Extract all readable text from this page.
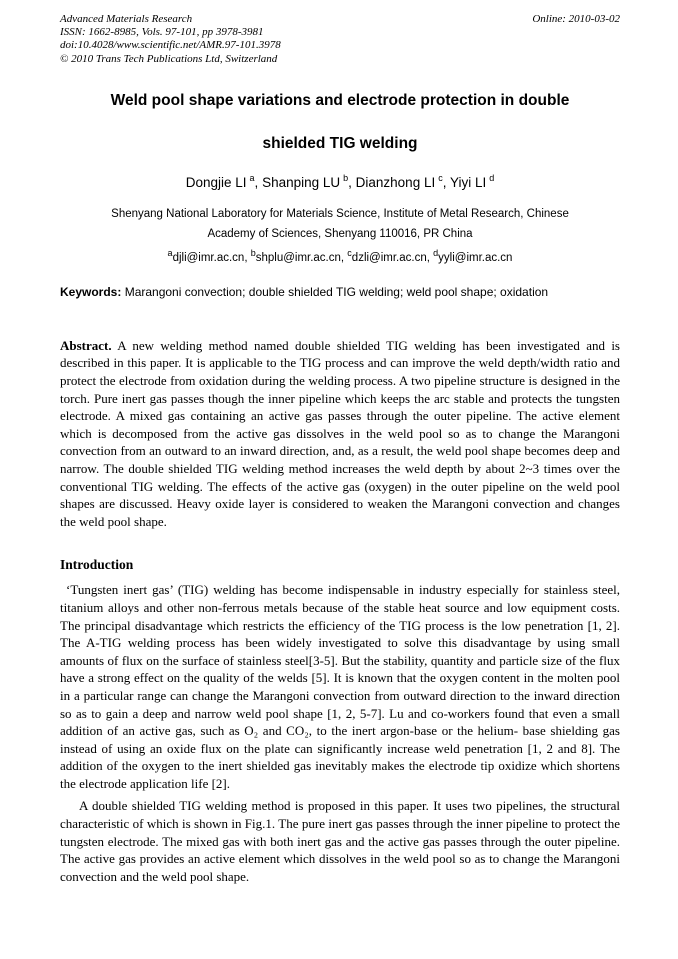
Advanced Materials Research
ISSN: 1662-8985, Vols. 97-101, pp 3978-3981
doi:10.4028/www.scientific.net/AMR.97-101.3978
© 2010 Trans Tech Publications Ltd, Switzerland
Online: 2010-03-02
Weld pool shape variations and electrode protection in double
shielded TIG welding
Dongjie LI $^a$, Shanping LU $^b$, Dianzhong LI $^c$, Yiyi LI $^d$
Shenyang National Laboratory for Materials Science, Institute of Metal Research, Chinese
Academy of Sciences, Shenyang 110016, PR China
$^a$djli@imr.ac.cn, $^b$shplu@imr.ac.cn, $^c$dzli@imr.ac.cn, $^d$yyli@imr.ac.cn
Keywords: Marangoni convection; double shielded TIG welding; weld pool shape; oxidation
Abstract. A new welding method named double shielded TIG welding has been investigated and is described in this paper. It is applicable to the TIG process and can improve the weld depth/width ratio and protect the electrode from oxidation during the welding process. A two pipeline structure is designed in the torch. Pure inert gas passes though the inner pipeline which keeps the arc stable and protects the tungsten electrode. A mixed gas containing an active gas passes through the outer pipeline. The active element which is decomposed from the active gas dissolves in the weld pool so as to change the Marangoni convection from an outward to an inward direction, and, as a result, the weld pool shape becomes deep and narrow. The double shielded TIG welding method increases the weld depth by about 2~3 times over the conventional TIG welding. The effects of the active gas (oxygen) in the outer pipeline on the weld pool shapes are discussed. Heavy oxide layer is considered to weaken the Marangoni convection and changes the weld pool shape.
Introduction
‘Tungsten inert gas’ (TIG) welding has become indispensable in industry especially for stainless steel, titanium alloys and other non-ferrous metals because of the stable heat source and low equipment costs. The principal disadvantage which restricts the efficiency of the TIG process is the low penetration [1, 2]. The A-TIG welding process has been widely investigated to solve this disadvantage by using small amounts of flux on the surface of stainless steel[3-5]. But the stability, quantity and particle size of the flux have a strong effect on the quality of the welds [5]. It is known that the oxygen content in the molten pool in a particular range can change the Marangoni convection from outward direction to the inward direction so as to gain a deep and narrow weld pool shape [1, 2, 5-7]. Lu and co-workers found that even a small addition of an active gas, such as O₂ and CO₂, to the inert argon-base or the helium- base shielding gas instead of using an oxide flux on the plate can significantly increase weld penetration [1, 2 and 8]. The addition of the oxygen to the inert shielded gas inevitably makes the electrode tip oxidize which shortens the electrode application life [2].
A double shielded TIG welding method is proposed in this paper. It uses two pipelines, the structural characteristic of which is shown in Fig.1. The pure inert gas passes through the inner pipeline to protect the tungsten electrode. The mixed gas with both inert gas and the active gas passes through the outer pipeline. The active gas provides an active element which dissolves in the weld pool so as to change the Marangoni convection and the weld pool shape.
